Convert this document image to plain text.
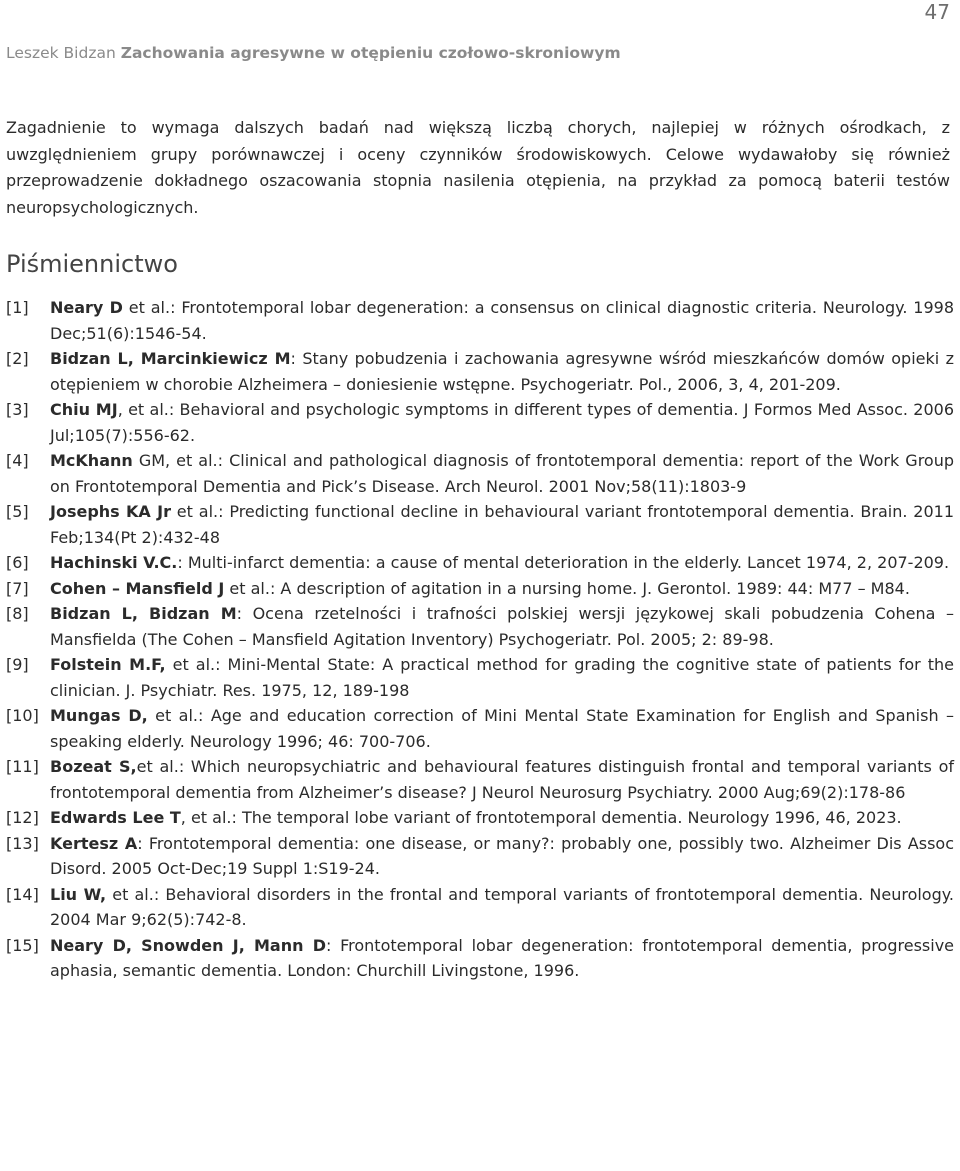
47
Leszek Bidzan Zachowania agresywne w otępieniu czołowo-skroniowym

Zagadnienie to wymaga dalszych badań nad większą liczbą chorych, najlepiej w różnych ośrodkach, z uwzględnieniem grupy porównawczej i oceny czynników środowiskowych. Celowe wydawałoby się również przeprowadzenie dokładnego oszacowania stopnia nasilenia otępienia, na przykład za pomocą baterii testów neuropsychologicznych.

Piśmiennictwo
[1] Neary D et al.: Frontotemporal lobar degeneration: a consensus on clinical diagnostic criteria. Neurology. 1998 Dec;51(6):1546-54.
[2] Bidzan L, Marcinkiewicz M: Stany pobudzenia i zachowania agresywne wśród mieszkańców domów opieki z otępieniem w chorobie Alzheimera – doniesienie wstępne. Psychogeriatr. Pol., 2006, 3, 4, 201-209.
[3] Chiu MJ, et al.: Behavioral and psychologic symptoms in different types of dementia. J Formos Med Assoc. 2006 Jul;105(7):556-62.
[4] McKhann GM, et al.: Clinical and pathological diagnosis of frontotemporal dementia: report of the Work Group on Frontotemporal Dementia and Pick’s Disease. Arch Neurol. 2001 Nov;58(11):1803-9
[5] Josephs KA Jr et al.: Predicting functional decline in behavioural variant frontotemporal dementia. Brain. 2011 Feb;134(Pt 2):432-48
[6] Hachinski V.C.: Multi-infarct dementia: a cause of mental deterioration in the elderly. Lancet 1974, 2, 207-209.
[7] Cohen – Mansfield J et al.: A description of agitation in a nursing home. J. Gerontol. 1989: 44: M77 – M84.
[8] Bidzan L, Bidzan M: Ocena rzetelności i trafności polskiej wersji językowej skali pobudzenia Cohena – Mansfielda (The Cohen – Mansfield Agitation Inventory) Psychogeriatr. Pol. 2005; 2: 89-98.
[9] Folstein M.F, et al.: Mini-Mental State: A practical method for grading the cognitive state of patients for the clinician. J. Psychiatr. Res. 1975, 12, 189-198
[10] Mungas D, et al.: Age and education correction of Mini Mental State Examination for English and Spanish – speaking elderly. Neurology 1996; 46: 700-706.
[11] Bozeat S,et al.: Which neuropsychiatric and behavioural features distinguish frontal and temporal variants of frontotemporal dementia from Alzheimer’s disease? J Neurol Neurosurg Psychiatry. 2000 Aug;69(2):178-86
[12] Edwards Lee T, et al.: The temporal lobe variant of frontotemporal dementia. Neurology 1996, 46, 2023.
[13] Kertesz A: Frontotemporal dementia: one disease, or many?: probably one, possibly two. Alzheimer Dis Assoc Disord. 2005 Oct-Dec;19 Suppl 1:S19-24.
[14] Liu W, et al.: Behavioral disorders in the frontal and temporal variants of frontotemporal dementia. Neurology. 2004 Mar 9;62(5):742-8.
[15] Neary D, Snowden J, Mann D: Frontotemporal lobar degeneration: frontotemporal dementia, progressive aphasia, semantic dementia. London: Churchill Livingstone, 1996.
